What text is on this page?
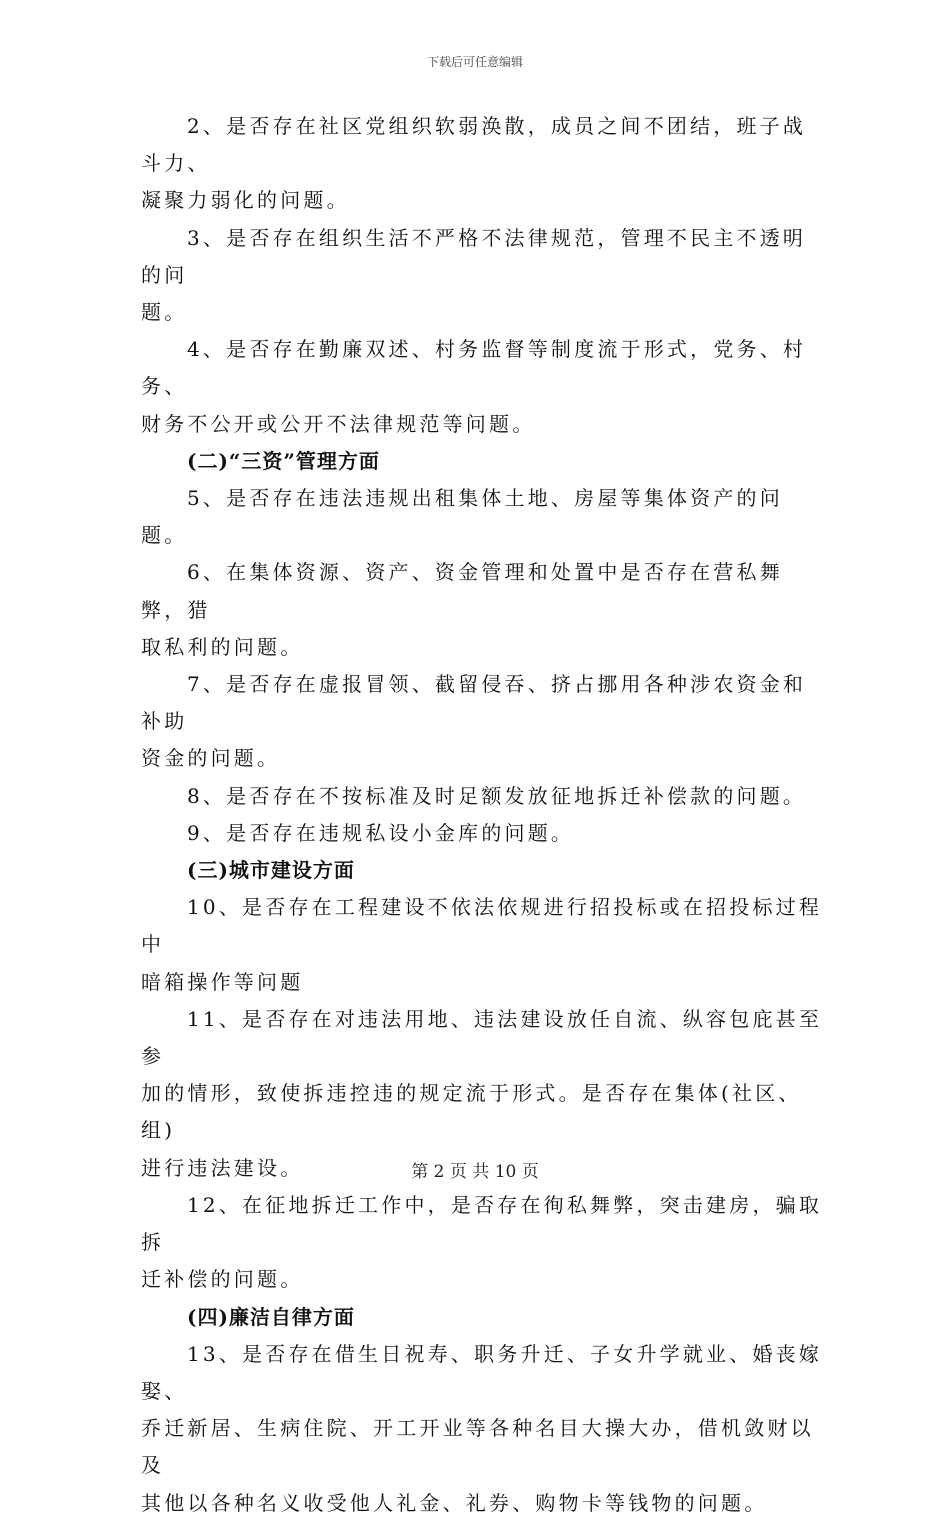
下载后可任意编辑
2、是否存在社区党组织软弱涣散，成员之间不团结，班子战斗力、
凝聚力弱化的问题。
3、是否存在组织生活不严格不法律规范，管理不民主不透明的问
题。
4、是否存在勤廉双述、村务监督等制度流于形式，党务、村务、
财务不公开或公开不法律规范等问题。
(二)“三资”管理方面
5、是否存在违法违规出租集体土地、房屋等集体资产的问题。
6、在集体资源、资产、资金管理和处置中是否存在营私舞弊，猎
取私利的问题。
7、是否存在虚报冒领、截留侵吞、挤占挪用各种涉农资金和补助
资金的问题。
8、是否存在不按标准及时足额发放征地拆迁补偿款的问题。
9、是否存在违规私设小金库的问题。
(三)城市建设方面
10、是否存在工程建设不依法依规进行招投标或在招投标过程中
暗箱操作等问题
11、是否存在对违法用地、违法建设放任自流、纵容包庇甚至参
加的情形，致使拆违控违的规定流于形式。是否存在集体(社区、组)
进行违法建设。
12、在征地拆迁工作中，是否存在徇私舞弊，突击建房，骗取拆
迁补偿的问题。
(四)廉洁自律方面
13、是否存在借生日祝寿、职务升迁、子女升学就业、婚丧嫁娶、
乔迁新居、生病住院、开工开业等各种名目大操大办，借机敛财以及
其他以各种名义收受他人礼金、礼券、购物卡等钱物的问题。
第 2 页 共 10 页
